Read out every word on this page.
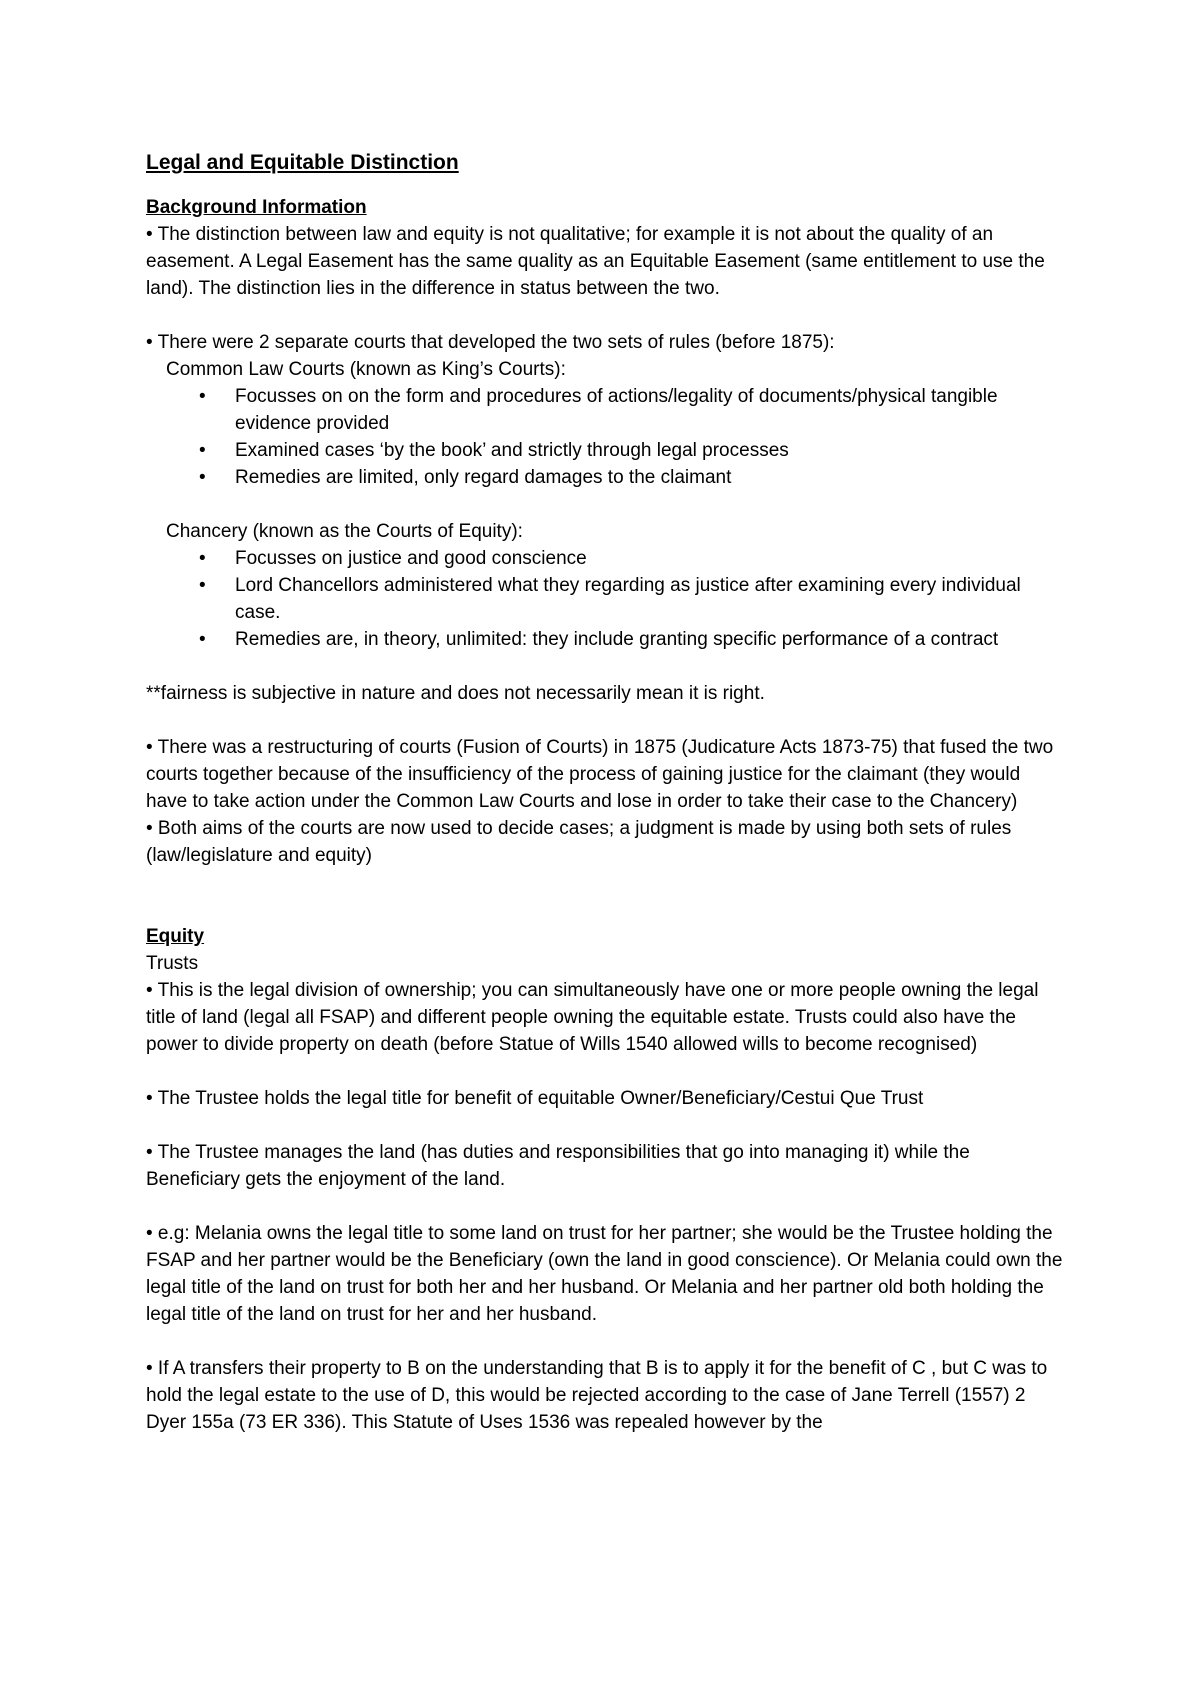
Legal and Equitable Distinction

Background Information

• The distinction between law and equity is not qualitative; for example it is not about the quality of an easement. A Legal Easement has the same quality as an Equitable Easement (same entitlement to use the land). The distinction lies in the difference in status between the two.

• There were 2 separate courts that developed the two sets of rules (before 1875):

Common Law Courts (known as King’s Courts):

• Focusses on on the form and procedures of actions/legality of documents/physical tangible evidence provided
• Examined cases ‘by the book’ and strictly through legal processes
• Remedies are limited, only regard damages to the claimant

Chancery (known as the Courts of Equity):

• Focusses on justice and good conscience
• Lord Chancellors administered what they regarding as justice after examining every individual case.
• Remedies are, in theory, unlimited: they include granting specific performance of a contract

**fairness is subjective in nature and does not necessarily mean it is right.

• There was a restructuring of courts (Fusion of Courts) in 1875 (Judicature Acts 1873-75) that fused the two courts together because of the insufficiency of the process of gaining justice for the claimant (they would have to take action under the Common Law Courts and lose in order to take their case to the Chancery)

• Both aims of the courts are now used to decide cases; a judgment is made by using both sets of rules (law/legislature and equity)

Equity

Trusts

• This is the legal division of ownership; you can simultaneously have one or more people owning the legal title of land (legal all FSAP) and different people owning the equitable estate. Trusts could also have the power to divide property on death (before Statue of Wills 1540 allowed wills to become recognised)

• The Trustee holds the legal title for benefit of equitable Owner/Beneficiary/Cestui Que Trust

• The Trustee manages the land (has duties and responsibilities that go into managing it) while the Beneficiary gets the enjoyment of the land.

• e.g: Melania owns the legal title to some land on trust for her partner; she would be the Trustee holding the FSAP and her partner would be the Beneficiary (own the land in good conscience). Or Melania could own the legal title of the land on trust for both her and her husband. Or Melania and her partner old both holding the legal title of the land on trust for her and her husband.

• If A transfers their property to B on the understanding that B is to apply it for the benefit of C , but C was to hold the legal estate to the use of D, this would be rejected according to the case of Jane Terrell (1557) 2 Dyer 155a (73 ER 336). This Statute of Uses 1536 was repealed however by the
